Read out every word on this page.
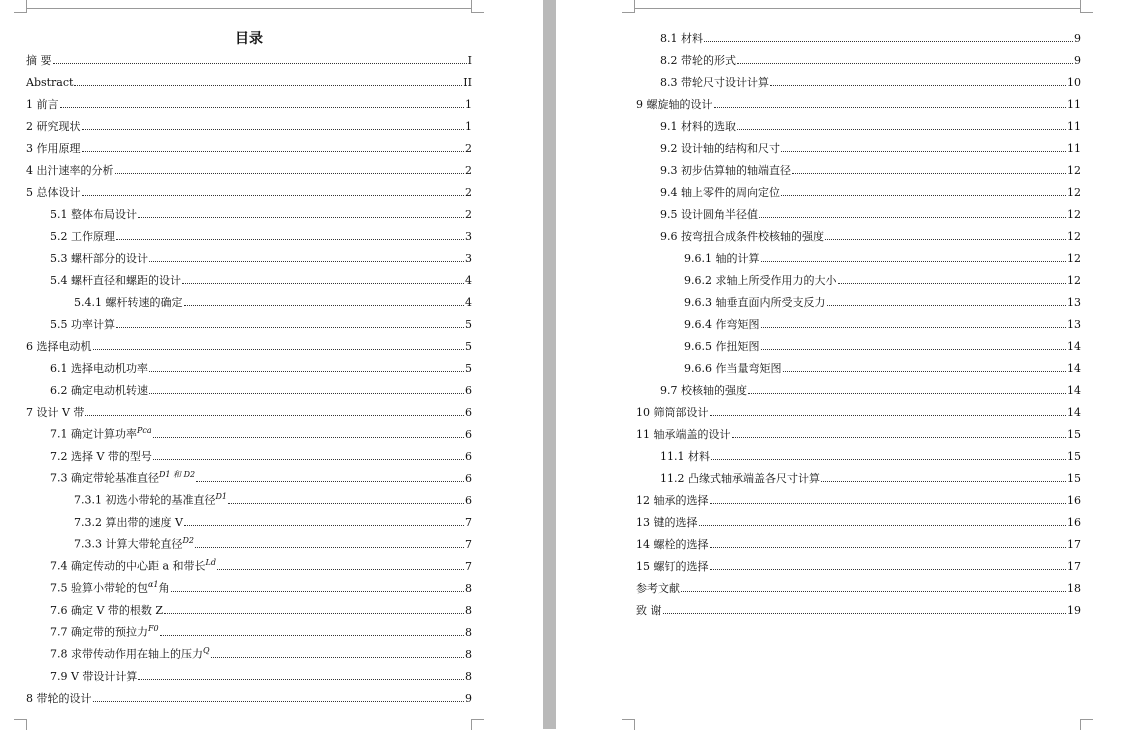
目录
摘 要	I
Abstract	II
1 前言	1
2 研究现状	1
3 作用原理	2
4 出汁速率的分析	2
5 总体设计	2
5.1 整体布局设计	2
5.2 工作原理	3
5.3 螺杆部分的设计	3
5.4 螺杆直径和螺距的设计	4
5.4.1 螺杆转速的确定	4
5.5 功率计算	5
6 选择电动机	5
6.1 选择电动机功率	5
6.2 确定电动机转速	6
7 设计 V 带	6
7.1 确定计算功率$^{Pca}$	6
7.2 选择 V 带的型号	6
7.3 确定带轮基准直径$^{D1 和 D2}$	6
7.3.1 初选小带轮的基准直径$^{D1}$	6
7.3.2 算出带的速度 V	7
7.3.3 计算大带轮直径$^{D2}$	7
7.4 确定传动的中心距 a 和带长$^{Ld}$	7
7.5 验算小带轮的包$^{\alpha 1}$角	8
7.6 确定 V 带的根数 Z	8
7.7 确定带的预拉力$^{F0}$	8
7.8 求带传动作用在轴上的压力$^Q$	8
7.9 V 带设计计算	8
8 带轮的设计	9
8.1 材料	9
8.2 带轮的形式	9
8.3 带轮尺寸设计计算	10
9 螺旋轴的设计	11
9.1 材料的选取	11
9.2 设计轴的结构和尺寸	11
9.3 初步估算轴的轴端直径	12
9.4 轴上零件的周向定位	12
9.5 设计圆角半径值	12
9.6 按弯扭合成条件校核轴的强度	12
9.6.1 轴的计算	12
9.6.2 求轴上所受作用力的大小	12
9.6.3 轴垂直面内所受支反力	13
9.6.4 作弯矩图	13
9.6.5 作扭矩图	14
9.6.6 作当量弯矩图	14
9.7 校核轴的强度	14
10 筛筒部设计	14
11 轴承端盖的设计	15
11.1 材料	15
11.2 凸缘式轴承端盖各尺寸计算	15
12 轴承的选择	16
13 键的选择	16
14 螺栓的选择	17
15 螺钉的选择	17
参考文献	18
致 谢	19
